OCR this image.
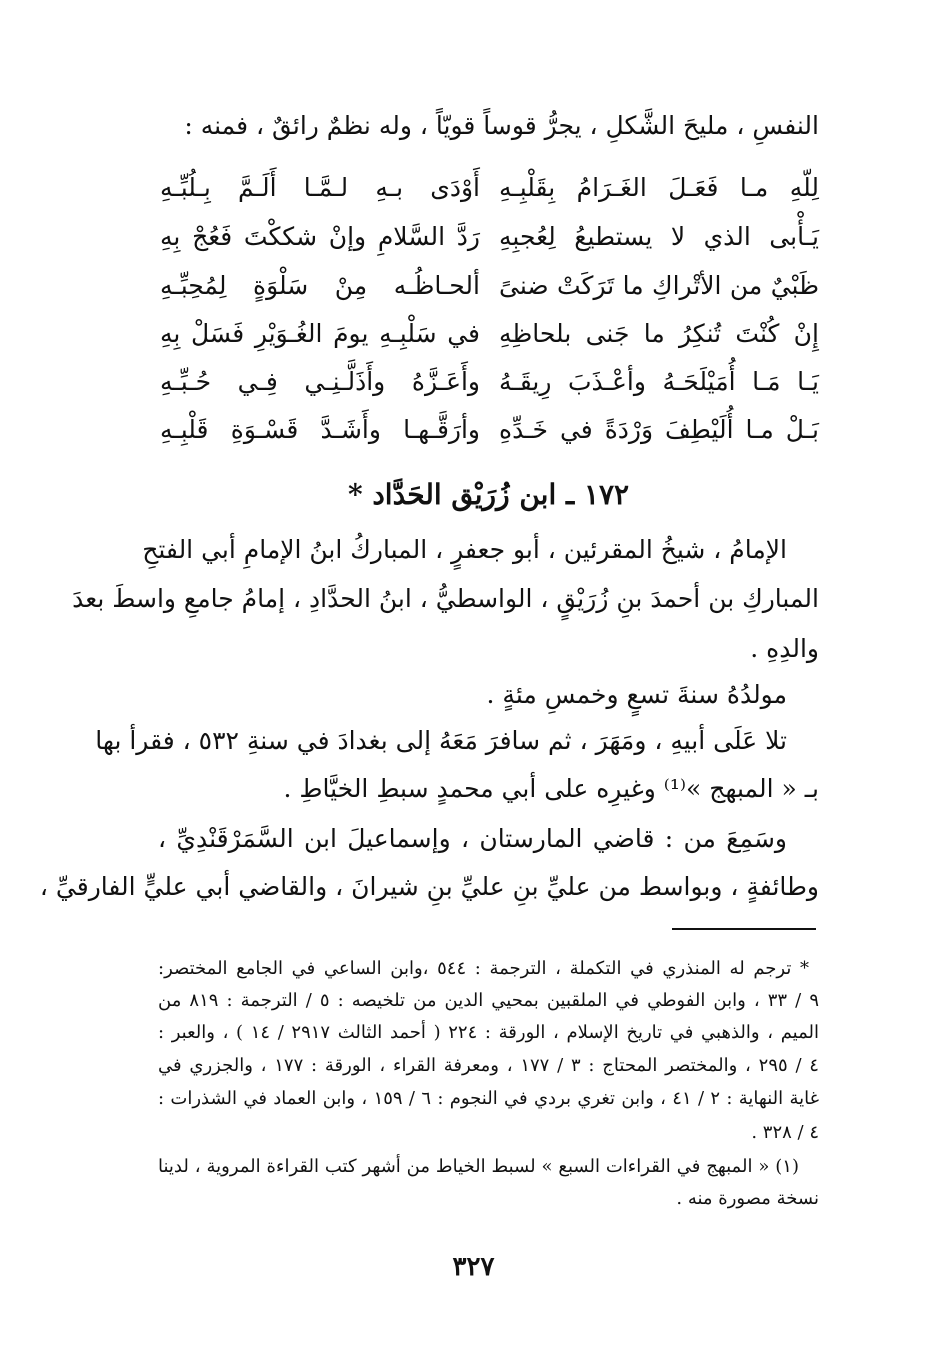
النفسِ ، مليحَ الشَّكلِ ، يجرُّ قوساً قويّاً ، وله نظمٌ رائقٌ ، فمنه :
لِلّهِ مـا فَعَـلَ الغَـرَامُ بِقَلْبِـهِ
أَوْدَى بـهِ لـمَّـا أَلَـمَّ بِـلُبِّـهِ
يَـأْبى الذي لا يستطيعُ لِعُجبِهِ
رَدَّ السَّلامِ وإنْ شككْتَ فَعُجْ بِهِ
ظَبْيٌ من الأتْراكِ ما تَرَكَتْ ضنىً
ألحـاظُـه مِنْ سَلْوَةٍ لِمُحِبِّـهِ
إِنْ كُنْتَ تُنكِرُ ما جَنى بلحاظِهِ
في سَلْبِـهِ يومَ الغُـوَيْرِ فَسَلْ بِهِ
يَـا مَـا أُمَيْلَحَـهُ وأعْـذَبَ رِيقَـهُ
وأَعَـزَّهُ وأَذَلَّـنِـي فِـي حُـبِّـهِ
بَـلْ مـا أُلَيْطِفَ وَرْدَةً في خَـدِّهِ
وأرَقَّـهـا وأَشَـدَّ قَسْـوَةِ قَلْبِـهِ
١٧٢ ـ ابن زُرَيْق الحَدَّاد *
الإمامُ ، شيخُ المقرئين ، أبو جعفرٍ ، المباركُ ابنُ الإمامِ أبي الفتحِ
المباركِ بن أحمدَ بنِ زُرَيْقٍ ، الواسطيُّ ، ابنُ الحدَّادِ ، إمامُ جامعِ واسطَ بعدَ
والدِهِ .
مولدُهُ سنةَ تسعٍ وخمسِ مئةٍ .
تلا عَلَى أبيهِ ، ومَهَرَ ، ثم سافرَ مَعَهُ إلى بغدادَ في سنةِ ٥٣٢ ، فقرأ بها
بـ « المبهج »⁽¹⁾ وغيرِه على أبي محمدٍ سبطِ الخيَّاطِ .
وسَمِعَ من : قاضي المارستان ، وإسماعيلَ ابن السَّمَرْقَنْدِيِّ ،
وطائفةٍ ، وبواسط من عليِّ بنِ عليِّ بنِ شيرانَ ، والقاضي أبي عليٍّ الفارقيِّ ،
* ترجم له المنذري في التكملة ، الترجمة : ٥٤٤ ،وابن الساعي في الجامع المختصر:
٩ / ٣٣ ، وابن الفوطي في الملقبين بمحيي الدين من تلخيصه : ٥ / الترجمة : ٨١٩ من
الميم ، والذهبي في تاريخ الإسلام ، الورقة : ٢٢٤ ( أحمد الثالث ٢٩١٧ / ١٤ ) ، والعبر :
٤ / ٢٩٥ ، والمختصر المحتاج : ٣ / ١٧٧ ، ومعرفة القراء ، الورقة : ١٧٧ ، والجزري في
غاية النهاية : ٢ / ٤١ ، وابن تغري بردي في النجوم : ٦ / ١٥٩ ، وابن العماد في الشذرات :
٤ / ٣٢٨ .
(١) « المبهج في القراءات السبع » لسبط الخياط من أشهر كتب القراءة المروية ، لدينا
نسخة مصورة منه .
٣٢٧
